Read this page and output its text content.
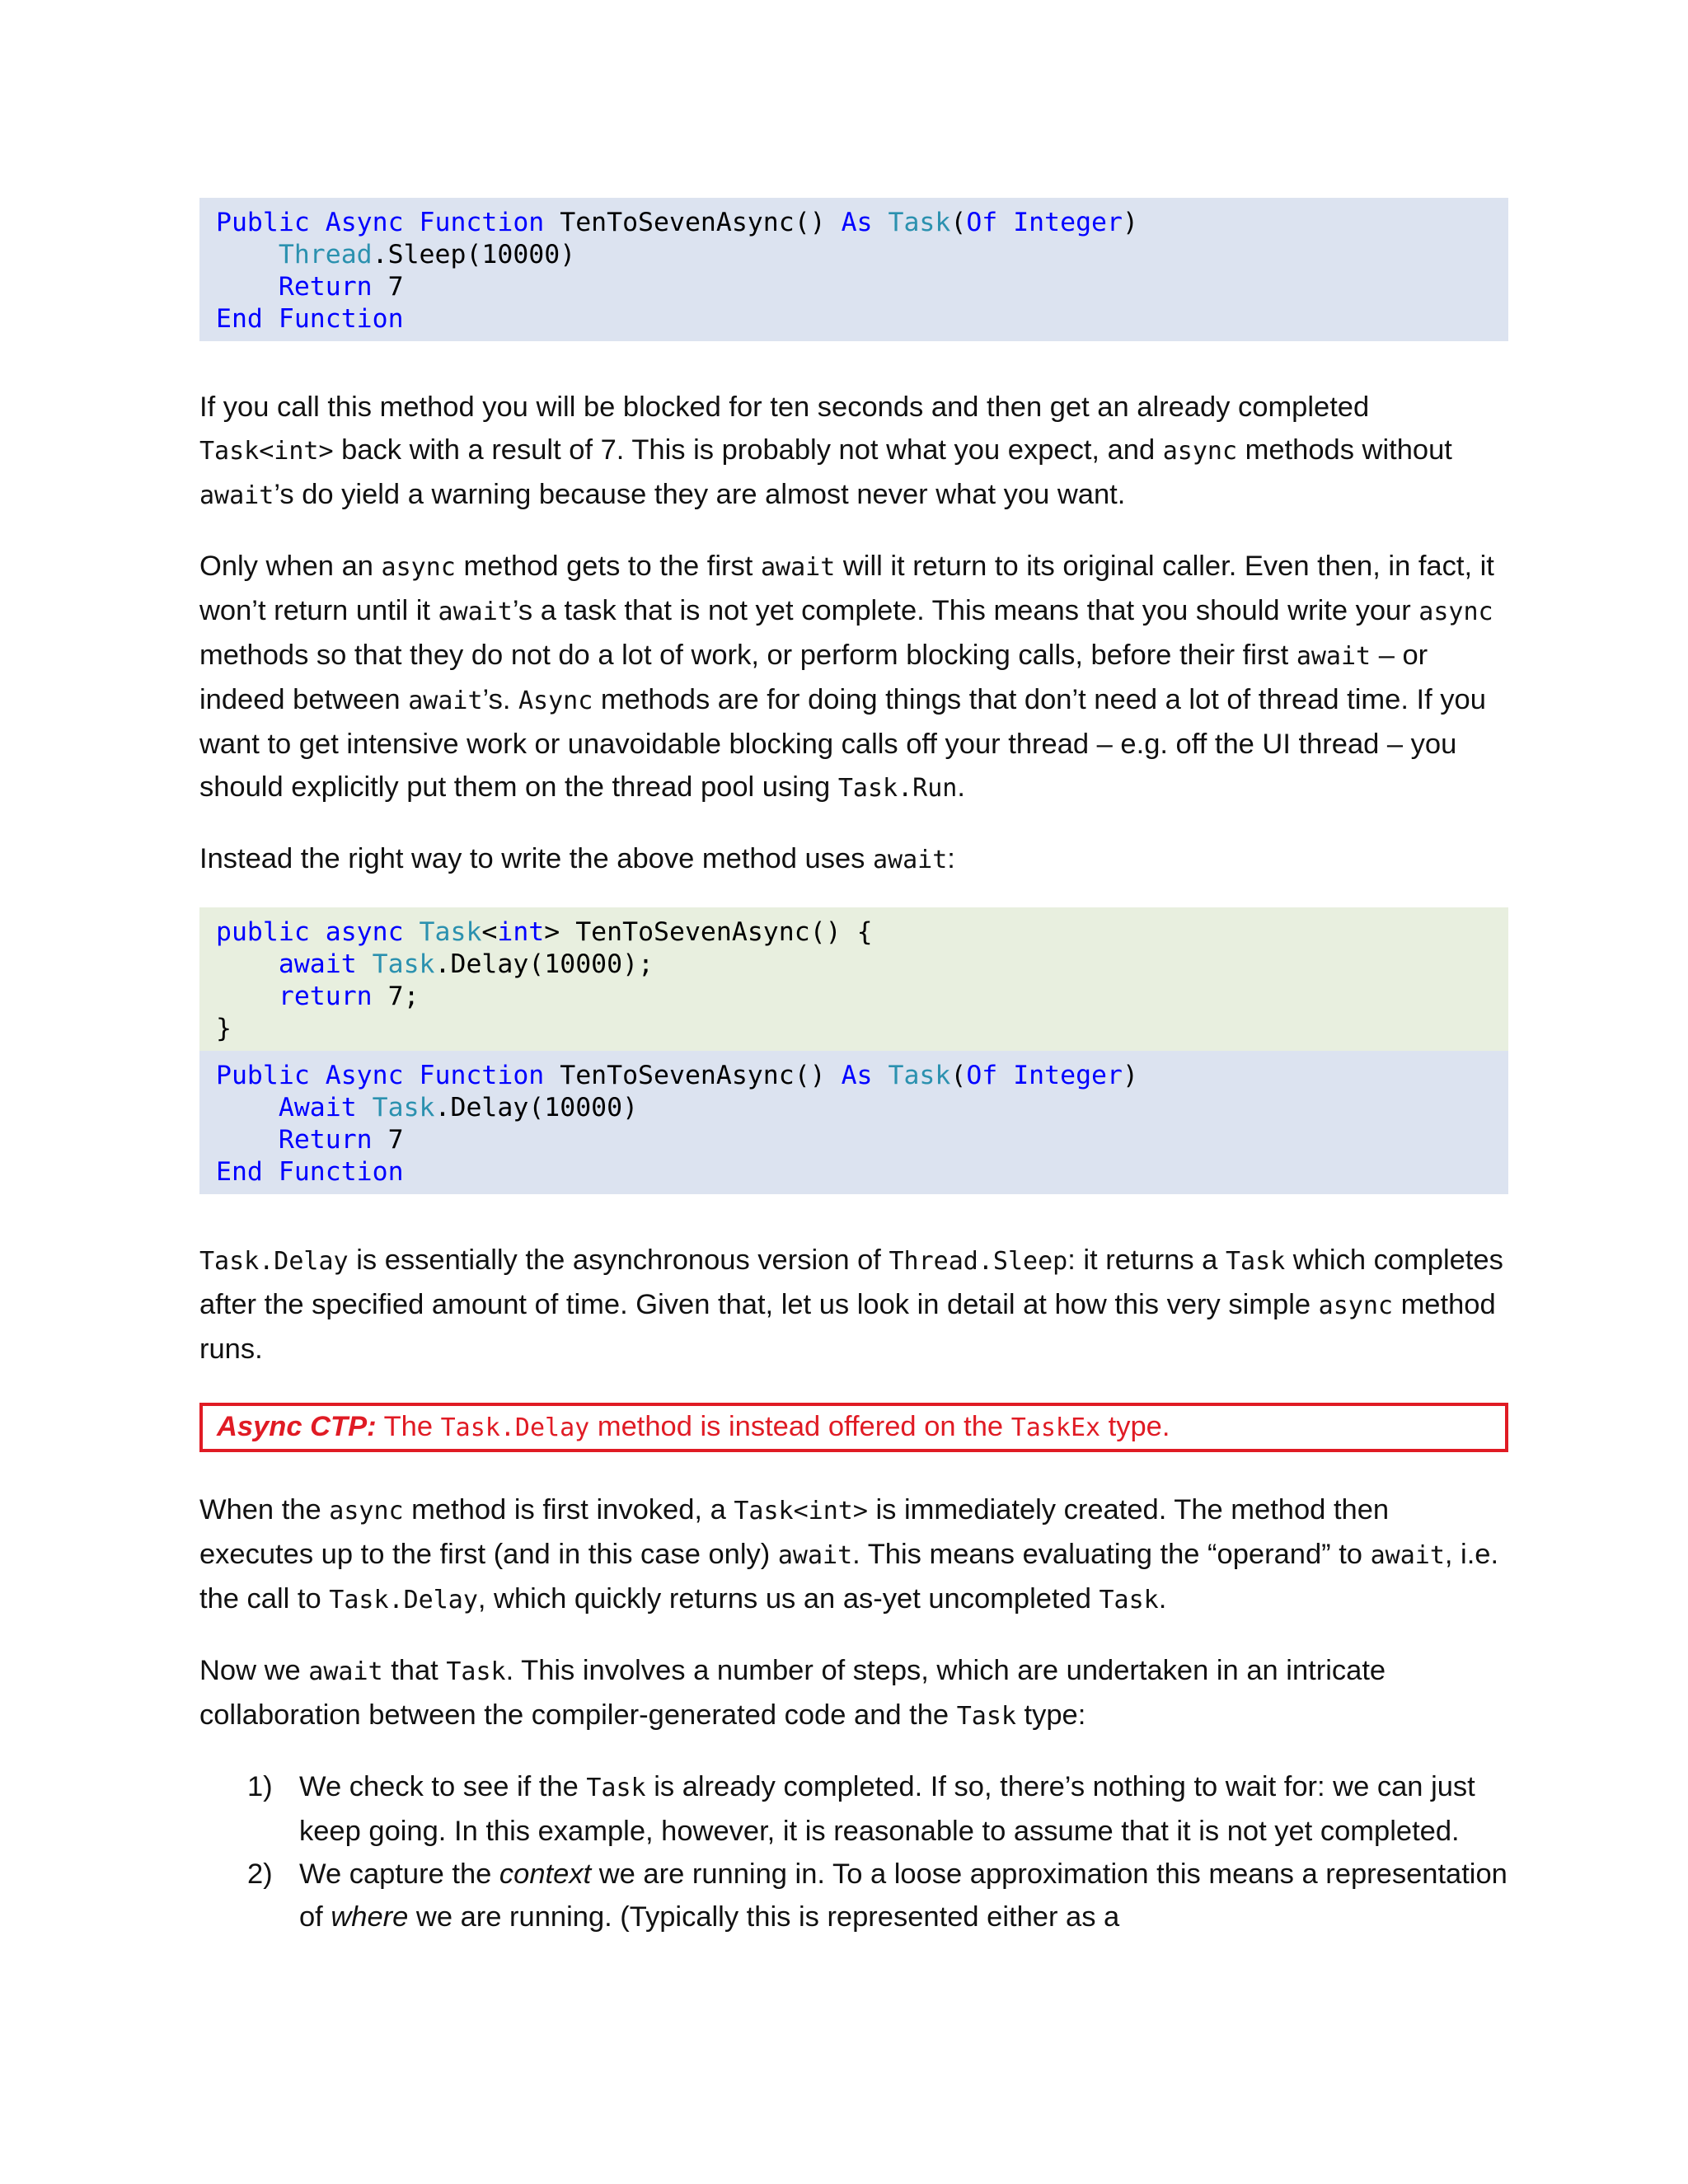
Public Async Function TenToSevenAsync() As Task(Of Integer)
Thread.Sleep(10000)
Return 7
End Function

If you call this method you will be blocked for ten seconds and then get an already completed Task<int> back with a result of 7. This is probably not what you expect, and async methods without await’s do yield a warning because they are almost never what you want.

Only when an async method gets to the first await will it return to its original caller. Even then, in fact, it won’t return until it await’s a task that is not yet complete. This means that you should write your async methods so that they do not do a lot of work, or perform blocking calls, before their first await – or indeed between await’s. Async methods are for doing things that don’t need a lot of thread time. If you want to get intensive work or unavoidable blocking calls off your thread – e.g. off the UI thread – you should explicitly put them on the thread pool using Task.Run.

Instead the right way to write the above method uses await:

public async Task<int> TenToSevenAsync() {
await Task.Delay(10000);
return 7;
}
Public Async Function TenToSevenAsync() As Task(Of Integer)
Await Task.Delay(10000)
Return 7
End Function

Task.Delay is essentially the asynchronous version of Thread.Sleep: it returns a Task which completes after the specified amount of time. Given that, let us look in detail at how this very simple async method runs.

Async CTP: The Task.Delay method is instead offered on the TaskEx type.

When the async method is first invoked, a Task<int> is immediately created. The method then executes up to the first (and in this case only) await. This means evaluating the “operand” to await, i.e. the call to Task.Delay, which quickly returns us an as-yet uncompleted Task.

Now we await that Task. This involves a number of steps, which are undertaken in an intricate collaboration between the compiler-generated code and the Task type:

1) We check to see if the Task is already completed. If so, there’s nothing to wait for: we can just keep going. In this example, however, it is reasonable to assume that it is not yet completed.
2) We capture the context we are running in. To a loose approximation this means a representation of where we are running. (Typically this is represented either as a
